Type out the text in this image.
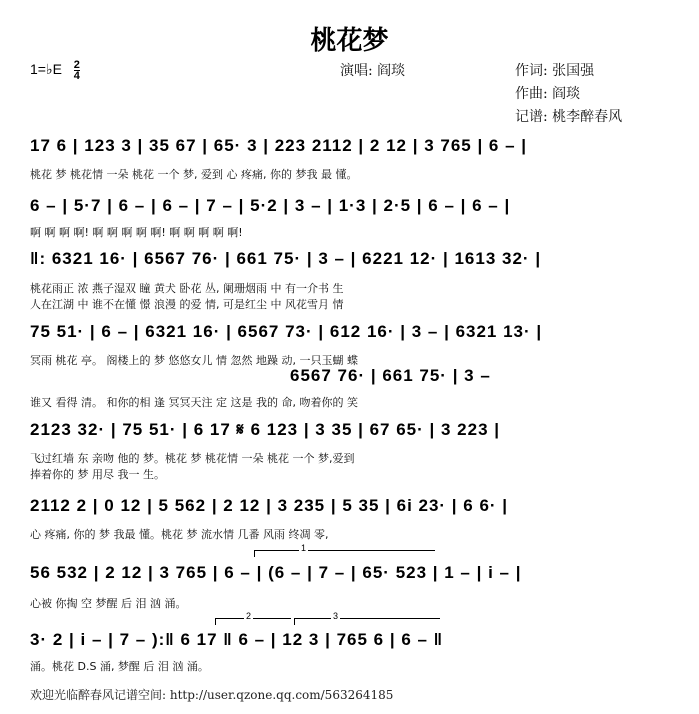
桃花梦
1=♭E $\frac{2}{4}$	演唱: 阎琰	作词: 张国强
作曲: 阎琰
记谱: 桃李醉春风
17 6 | 123 3 | 35 67 | 65· 3 | 223 2112 | 2 12 | 3 765 | 6 – |
桃花 梦 桃花情 一朵 桃花 一个 梦, 爱到 心 疼痛, 你的 梦我 最 懂。
6 – | 5·7 | 6 – | 6 – | 7 – | 5·2 | 3 – | 1·3 | 2·5 | 6 – | 6 – |
啊 啊 啊 啊! 啊 啊 啊 啊 啊! 啊 啊 啊 啊 啊!
‖: 6321 16· | 6567 76· | 661 75· | 3 – | 6221 12· | 1613 32· |
桃花雨正 浓 燕子湿双 瞳 黄犬 卧花 丛, 阑珊烟雨 中 有一介书 生
人在江湖 中 谁不在懂 憬 浪漫 的爱 情, 可是红尘 中 风花雪月 情
75 51· | 6 – | 6321 16· | 6567 73· | 612 16· | 3 – | 6321 13· |
冥雨 桃花 亭。 阁楼上的 梦 悠悠女儿 情 忽然 地躁 动, 一只玉蝴 蝶
6567 76· | 661 75· | 3 –
谁又 看得 清。 和你的相 逢 冥冥天注 定 这是 我的 命, 吻着你的 笑
2123 32· | 75 51· | 6 17 𝄋 6 123 | 3 35 | 67 65· | 3 223 |
飞过红墙 东 亲吻 他的 梦。桃花 梦 桃花情 一朵 桃花 一个 梦,爱到
捧着你的 梦 用尽 我一 生。
2112 2 | 0 12 | 5 562 | 2 12 | 3 235 | 5 35 | 6i 23· | 6 6· |
心 疼痛, 你的 梦 我最 懂。桃花 梦 流水情 几番 风雨 终凋 零,
1
56 532 | 2 12 | 3 765 | 6 – | (6 – | 7 – | 65· 523 | 1 – | i – |
心被 你掏 空 梦醒 后 泪 汹 涌。
2	3
3· 2 | i – | 7 – ):‖ 6 17 ‖ 6 – | 12 3 | 765 6 | 6 – ‖
涌。桃花 D.S 涌, 梦醒 后 泪 汹 涌。
欢迎光临醉春风记谱空间: http://user.qzone.qq.com/563264185
